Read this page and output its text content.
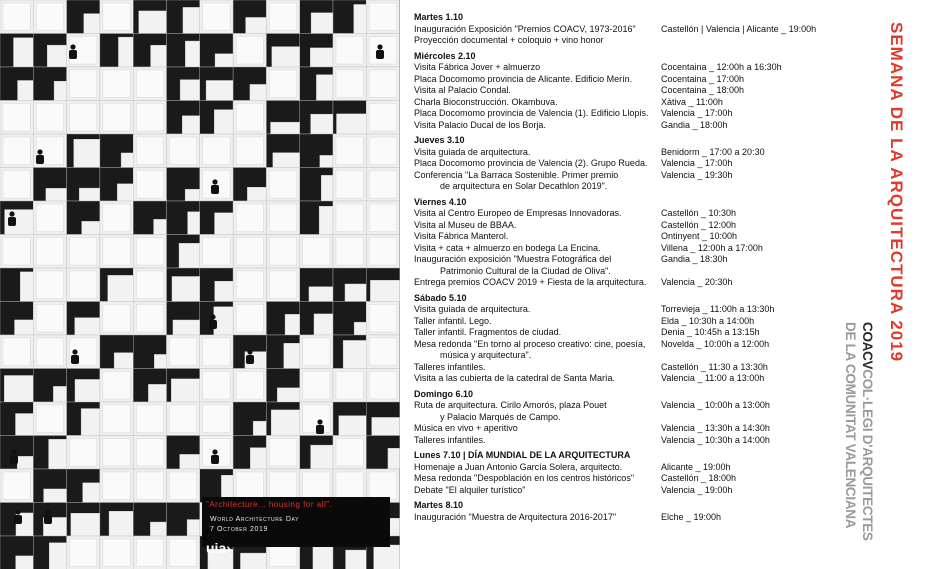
"Architecture... housing for all".
World Architecture Day
7 October 2019
uia›
Martes 1.10
Inauguración Exposición "Premios COACV, 1973-2016"	Castellón | Valencia | Alicante _ 19:00h
Proyección documental + coloquio + vino honor
Miércoles 2.10
Visita Fábrica Jover + almuerzo	Cocentaina _ 12:00h a 16:30h
Placa Docomomo provincia de Alicante. Edificio Merín.	Cocentaina _ 17:00h
Visita al Palacio Condal.	Cocentaina _ 18:00h
Charla Bioconstrucción. Okambuva.	Xàtiva _ 11:00h
Placa Docomomo provincia de Valencia (1). Edificio Llopis.	Valencia _ 17:00h
Visita Palacio Ducal de los Borja.	Gandia _ 18:00h
Jueves 3.10
Visita guiada de arquitectura.	Benidorm _ 17:00 a 20:30
Placa Docomomo provincia de Valencia (2). Grupo Rueda.	Valencia _ 17:00h
Conferencia "La Barraca Sostenible. Primer premio	Valencia _ 19:30h
de arquitectura en Solar Decathlon 2019".
Viernes 4.10
Visita al Centro Europeo de Empresas Innovadoras.	Castellón _ 10:30h
Visita al Museu de BBAA.	Castellón _ 12:00h
Visita Fábrica Manterol.	Ontinyent _ 10:00h
Visita + cata + almuerzo en bodega La Encina.	Villena _ 12:00h a 17:00h
Inauguración exposición "Muestra Fotográfica del	Gandia _ 18:30h
Patrimonio Cultural de la Ciudad de Oliva".
Entrega premios COACV 2019 + Fiesta de la arquitectura.	Valencia _ 20:30h
Sábado 5.10
Visita guiada de arquitectura.	Torrevieja _ 11:00h a 13:30h
Taller infantil. Lego.	Elda _ 10:30h a 14:00h
Taller infantil. Fragmentos de ciudad.	Denia _ 10:45h a 13:15h
Mesa redonda "En torno al proceso creativo: cine, poesía,	Novelda _ 10:00h a 12:00h
música y arquitectura".
Talleres infantiles.	Castellón _ 11:30 a 13:30h
Visita a las cubierta de la catedral de Santa María.	Valencia _ 11:00 a 13:00h
Domingo 6.10
Ruta de arquitectura. Cirilo Amorós, plaza Pouet	Valencia _ 10:00h a 13:00h
y Palacio Marqués de Campo.
Música en vivo + aperitivo	Valencia _ 13:30h a 14:30h
Talleres infantiles.	Valencia _ 10:30h a 14:00h
Lunes 7.10 | DÍA MUNDIAL DE LA ARQUITECTURA
Homenaje a Juan Antonio García Solera, arquitecto.	Alicante _ 19:00h
Mesa redonda "Despoblación en los centros históricos"	Castellón _ 18:00h
Debate "El alquiler turístico"	Valencia _ 19:00h
Martes 8.10
Inauguración "Muestra de Arquitectura 2016-2017"	Elche _ 19:00h
SEMANA DE LA ARQUITECTURA 2019
COACVCOL·LEGI D'ARQUITECTES
DE LA COMUNITAT VALENCIANA
